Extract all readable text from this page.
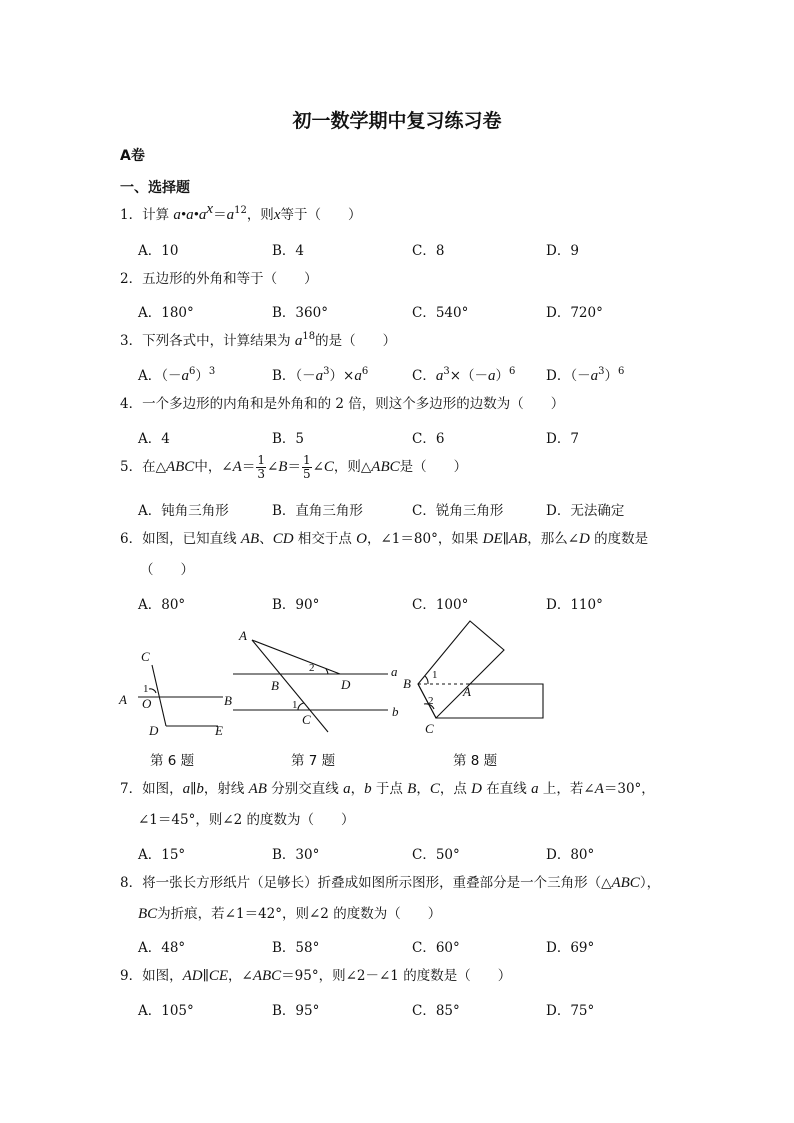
初一数学期中复习练习卷
A卷
一、选择题
1．计算 $a•a•a^x=a^{12}$，则x等于（　　）
A．10	B．4	C．8	D．9
2．五边形的外角和等于（　　）
A．180°	B．360°	C．540°	D．720°
3．下列各式中，计算结果为 $a^{18}$的是（　　）
A．$(-a^6)^3$	B．$(-a^3)\times a^6$	C．$a^3\times(-a)^6$ D．$(-a^3)^6$
4．一个多边形的内角和是外角和的 2 倍，则这个多边形的边数为（　　）
A．4	B．5	C．6	D．7
5．在△ABC中，∠A＝ $\frac{1}{3}$ ∠B＝ $\frac{1}{5}$ ∠C，则△ABC是（　　）
A．钝角三角形	B．直角三角形	C．锐角三角形	D．无法确定
6．如图，已知直线 AB、CD 相交于点 O，∠1＝80°，如果 DE∥AB，那么∠D 的度数是
（　　）
A．80°	B．90°	C．100°	D．110°
C
A O	B
D	E
A
a
B	D
C
b
B
A
C
1
2
1
1
2
第 6 题	第 7 题	第 8 题
7．如图，a∥b，射线 AB 分别交直线 a，b 于点 B，C，点 D 在直线 a 上，若∠A＝30°，
∠1＝45°，则∠2 的度数为（　　）
A．15°	B．30°	C．50°	D．80°
8．将一张长方形纸片（足够长）折叠成如图所示图形，重叠部分是一个三角形（△ABC），
BC为折痕，若∠1＝42°，则∠2 的度数为（　　）
A．48°	B．58°	C．60°	D．69°
9．如图，AD∥CE，∠ABC＝95°，则∠2－∠1 的度数是（　　）
A．105°	B．95°	C．85°	D．75°
